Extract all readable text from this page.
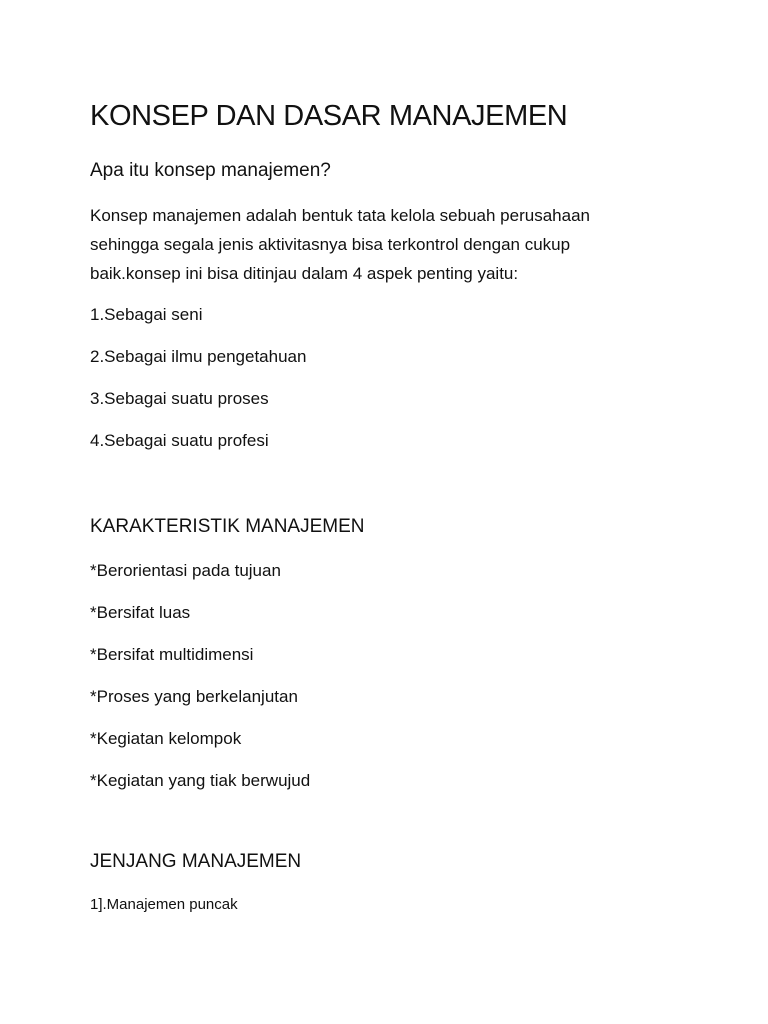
KONSEP DAN DASAR MANAJEMEN

Apa itu konsep manajemen?

Konsep manajemen adalah bentuk tata kelola sebuah perusahaan
sehingga segala jenis aktivitasnya bisa terkontrol dengan cukup
baik.konsep ini bisa ditinjau dalam 4 aspek penting yaitu:

1.Sebagai seni

2.Sebagai ilmu pengetahuan

3.Sebagai suatu proses

4.Sebagai suatu profesi

KARAKTERISTIK MANAJEMEN

*Berorientasi pada tujuan

*Bersifat luas

*Bersifat multidimensi

*Proses yang berkelanjutan

*Kegiatan kelompok

*Kegiatan yang tiak berwujud

JENJANG MANAJEMEN

1].Manajemen puncak
